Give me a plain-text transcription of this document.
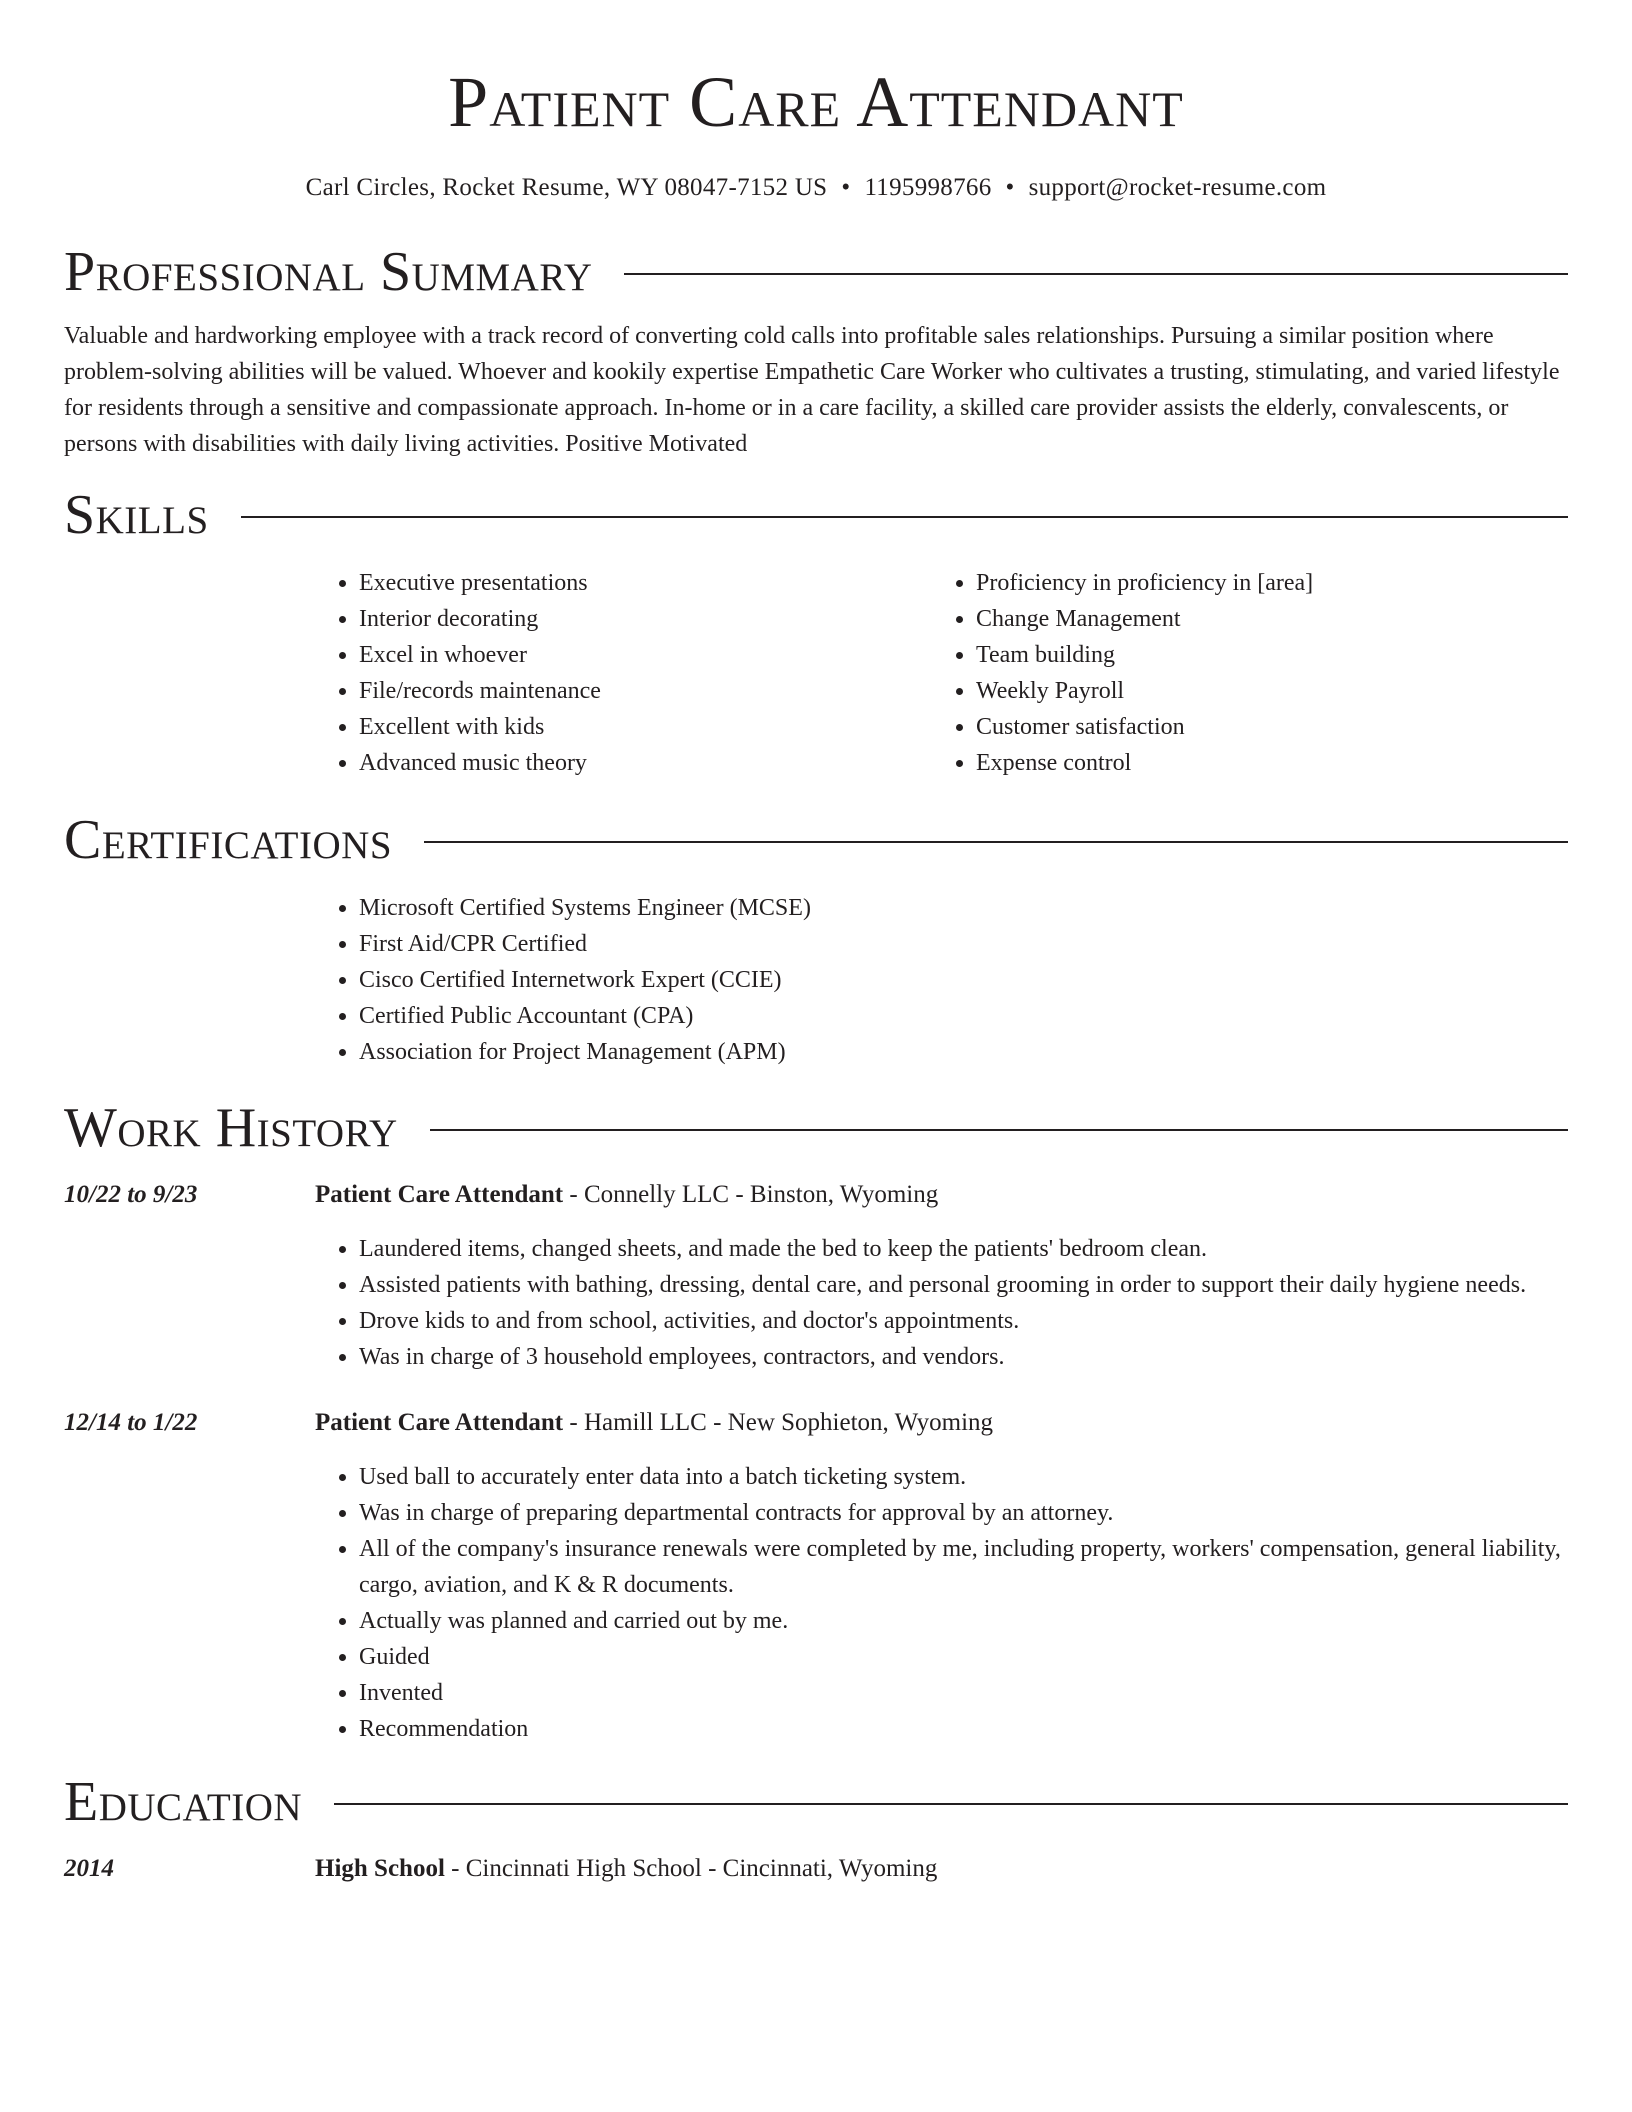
Patient Care Attendant
Carl Circles, Rocket Resume, WY 08047-7152 US • 1195998766 • support@rocket-resume.com
Professional Summary

Valuable and hardworking employee with a track record of converting cold calls into profitable sales relationships. Pursuing a similar position where problem-solving abilities will be valued. Whoever and kookily expertise Empathetic Care Worker who cultivates a trusting, stimulating, and varied lifestyle for residents through a sensitive and compassionate approach. In-home or in a care facility, a skilled care provider assists the elderly, convalescents, or persons with disabilities with daily living activities. Positive Motivated

Skills
• Executive presentations
• Interior decorating
• Excel in whoever
• File/records maintenance
• Excellent with kids
• Advanced music theory
• Proficiency in proficiency in [area]
• Change Management
• Team building
• Weekly Payroll
• Customer satisfaction
• Expense control
Certifications
• Microsoft Certified Systems Engineer (MCSE)
• First Aid/CPR Certified
• Cisco Certified Internetwork Expert (CCIE)
• Certified Public Accountant (CPA)
• Association for Project Management (APM)
Work History
10/22 to 9/23	Patient Care Attendant - Connelly LLC - Binston, Wyoming
• Laundered items, changed sheets, and made the bed to keep the patients' bedroom clean.
• Assisted patients with bathing, dressing, dental care, and personal grooming in order to support their daily hygiene needs.
• Drove kids to and from school, activities, and doctor's appointments.
• Was in charge of 3 household employees, contractors, and vendors.
12/14 to 1/22	Patient Care Attendant - Hamill LLC - New Sophieton, Wyoming
• Used ball to accurately enter data into a batch ticketing system.
• Was in charge of preparing departmental contracts for approval by an attorney.
• All of the company's insurance renewals were completed by me, including property, workers' compensation, general liability, cargo, aviation, and K & R documents.
• Actually was planned and carried out by me.
• Guided
• Invented
• Recommendation
Education
2014	High School - Cincinnati High School - Cincinnati, Wyoming
